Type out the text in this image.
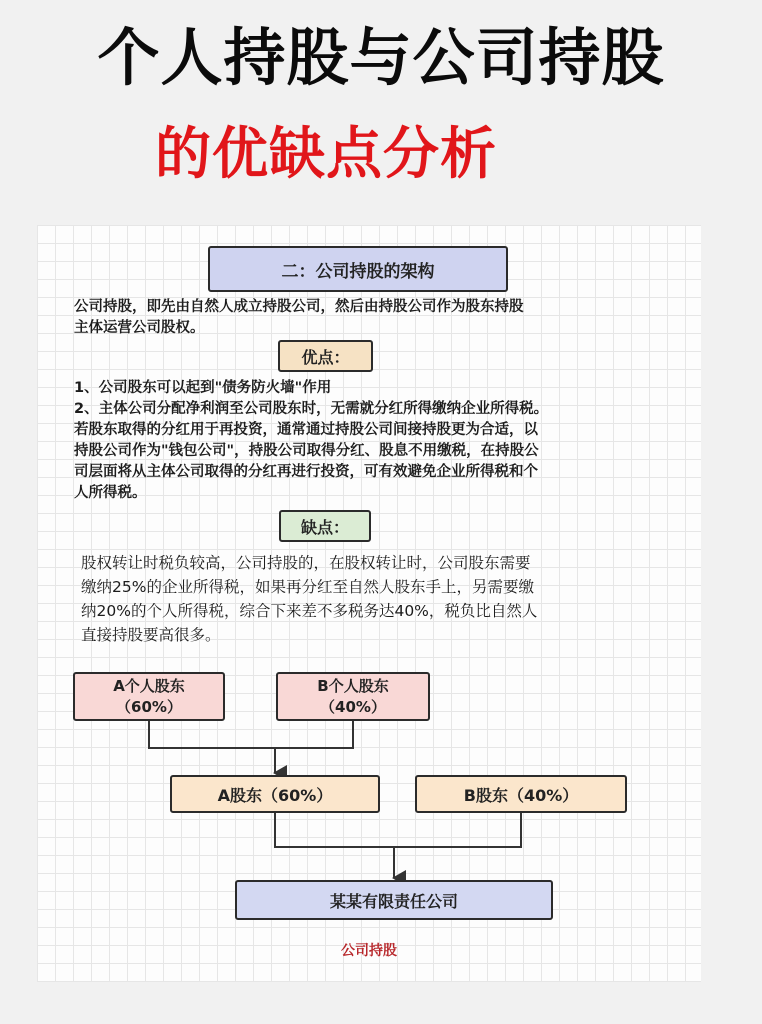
个人持股与公司持股
的优缺点分析
二：公司持股的架构

公司持股，即先由自然人成立持股公司，然后由持股公司作为股东持股
主体运营公司股权。

优点：

1、公司股东可以起到"债务防火墙"作用
2、主体公司分配净利润至公司股东时，无需就分红所得缴纳企业所得税。
若股东取得的分红用于再投资，通常通过持股公司间接持股更为合适，以
持股公司作为"钱包公司"，持股公司取得分红、股息不用缴税，在持股公
司层面将从主体公司取得的分红再进行投资，可有效避免企业所得税和个
人所得税。

缺点：

股权转让时税负较高，公司持股的，在股权转让时，公司股东需要
缴纳25%的企业所得税，如果再分红至自然人股东手上，另需要缴
纳20%的个人所得税，综合下来差不多税务达40%，税负比自然人
直接持股要高很多。

A个人股东
（60%）
B个人股东
（40%）
A股东（60%）	B股东（40%）
某某有限责任公司
公司持股
